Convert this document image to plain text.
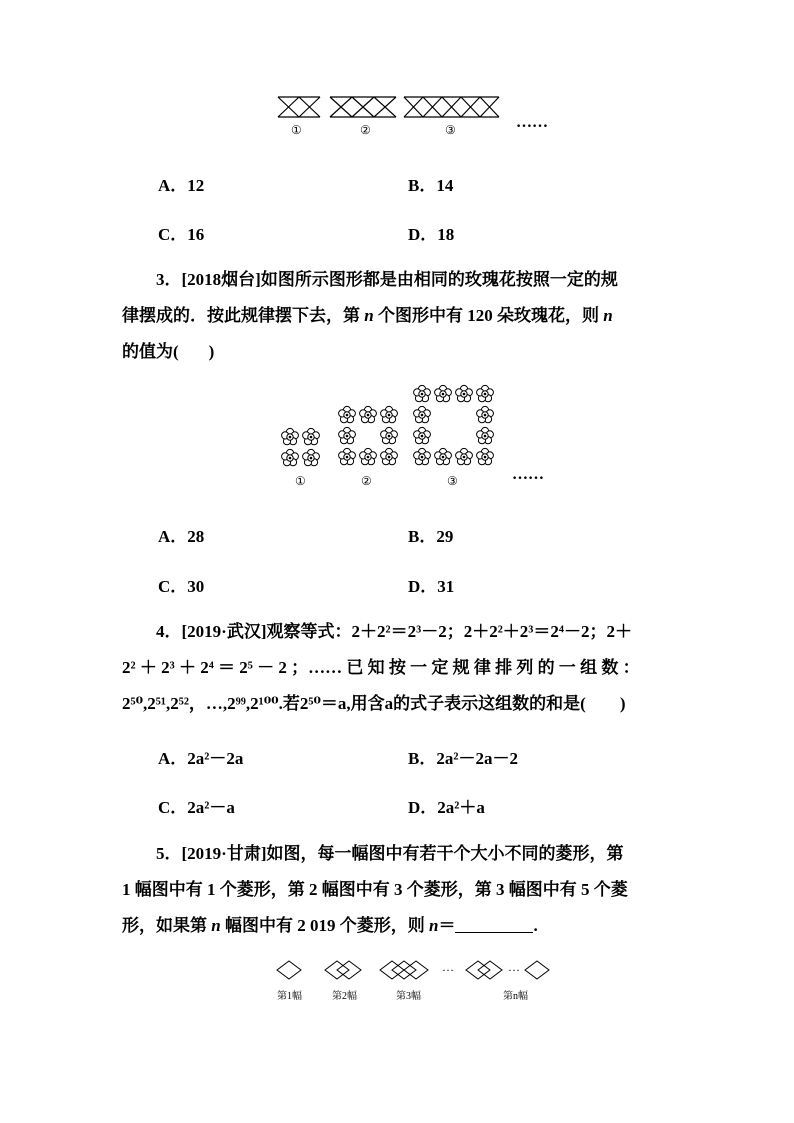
①	②	③	……
A．12	B．14
C．16	D．18

3．[2018烟台]如图所示图形都是由相同的玫瑰花按照一定的规

律摆成的．按此规律摆下去，第 n 个图形中有 120 朵玫瑰花，则 n

的值为( )

①	②	③	……
A．28	B．29
C．30	D．31

4．[2019·武汉]观察等式：2＋2²＝2³－2；2＋2²＋2³＝2⁴－2；2＋

2² ＋ 2³ ＋ 2⁴ ＝ 2⁵ － 2 ；…… 已 知 按 一 定 规 律 排 列 的 一 组 数 ：

2⁵⁰,2⁵¹,2⁵²，…,2⁹⁹,2¹⁰⁰.若2⁵⁰＝a,用含a的式子表示这组数的和是(　　)

A．2a²－2a	B．2a²－2a－2
C．2a²－a	D．2a²＋a

5．[2019·甘肃]如图，每一幅图中有若干个大小不同的菱形，第

1 幅图中有 1 个菱形，第 2 幅图中有 3 个菱形，第 3 幅图中有 5 个菱

形，如果第 n 幅图中有 2 019 个菱形，则 n＝	.

…	…
第1幅	第2幅	第3幅	第n幅
